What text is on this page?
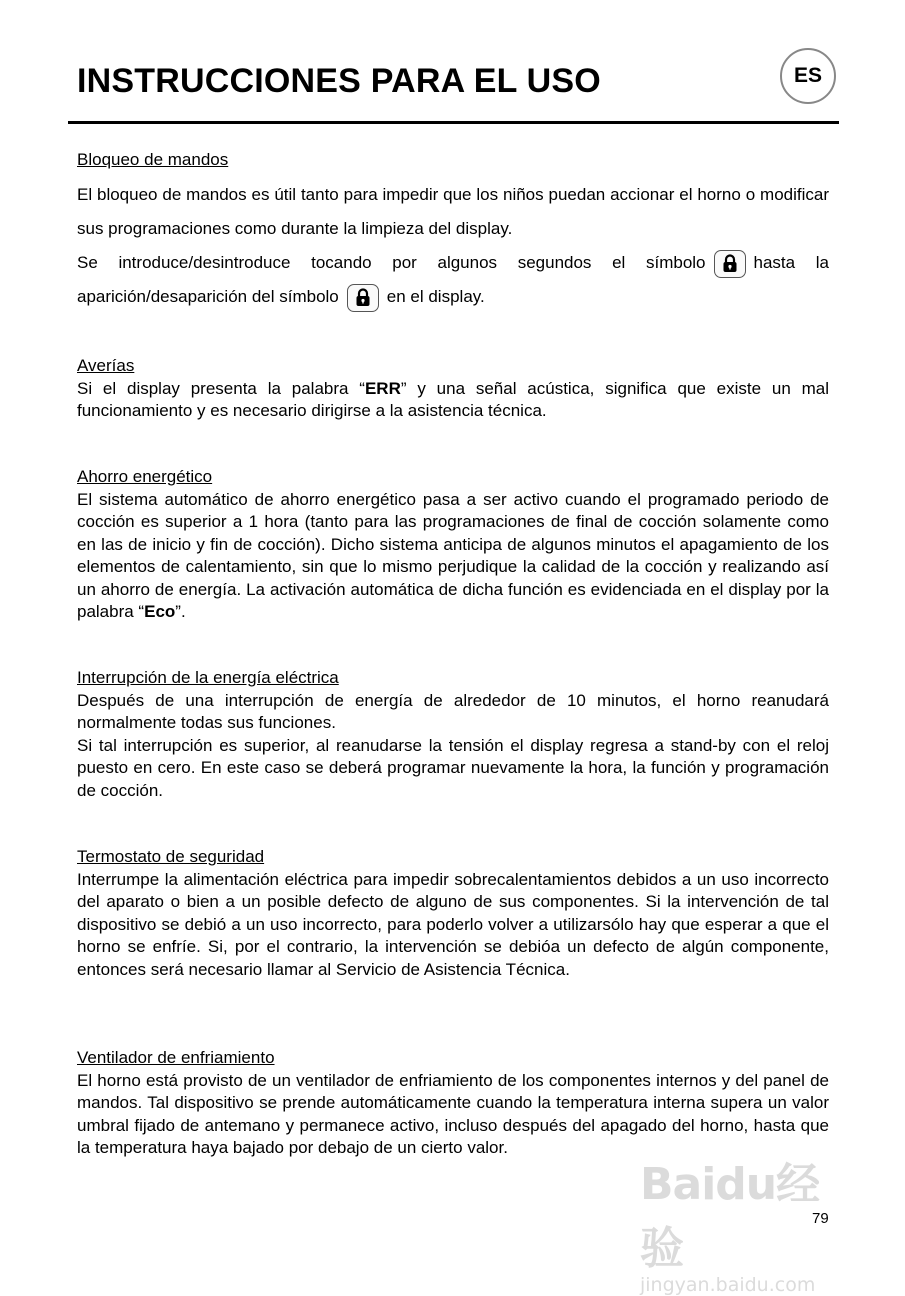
INSTRUCCIONES PARA EL USO	ES
Bloqueo de mandos

El bloqueo de mandos es útil tanto para impedir que los niños puedan accionar el horno o modificar sus programaciones como durante la limpieza del display.

Se introduce/desintroduce tocando por algunos segundos el símbolo	hasta la aparición/desaparición del símbolo	en el display.

Averías

Si el display presenta la palabra “ERR” y una señal acústica, significa que existe un mal funcionamiento y es necesario dirigirse a la asistencia técnica.

Ahorro energético

El sistema automático de ahorro energético pasa a ser activo cuando el programado periodo de cocción es superior a 1 hora (tanto para las programaciones de final de cocción solamente como en las de inicio y fin de cocción). Dicho sistema anticipa de algunos minutos el apagamiento de los elementos de calentamiento, sin que lo mismo perjudique la calidad de la cocción y realizando así un ahorro de energía. La activación automática de dicha función es evidenciada en el display por la palabra “Eco”.

Interrupción de la energía eléctrica

Después de una interrupción de energía de alrededor de 10 minutos, el horno reanudará normalmente todas sus funciones.

Si tal interrupción es superior, al reanudarse la tensión el display regresa a stand-by con el reloj puesto en cero. En este caso se deberá programar nuevamente la hora, la función y programación de cocción.

Termostato de seguridad

Interrumpe la alimentación eléctrica para impedir sobrecalentamientos debidos a un uso incorrecto del aparato o bien a un posible defecto de alguno de sus componentes. Si la intervención de tal dispositivo se debió a un uso incorrecto, para poderlo volver a utilizarsólo hay que esperar a que el horno se enfríe. Si, por el contrario, la intervención se debióa un defecto de algún componente, entonces será necesario llamar al Servicio de Asistencia Técnica.

Ventilador de enfriamiento

El horno está provisto de un ventilador de enfriamiento de los componentes internos y del panel de mandos. Tal dispositivo se prende automáticamente cuando la temperatura interna supera un valor umbral fijado de antemano y permanece activo, incluso después del apagado del horno, hasta que la temperatura haya bajado por debajo de un cierto valor.

Baidu经验
jingyan.baidu.com
79
